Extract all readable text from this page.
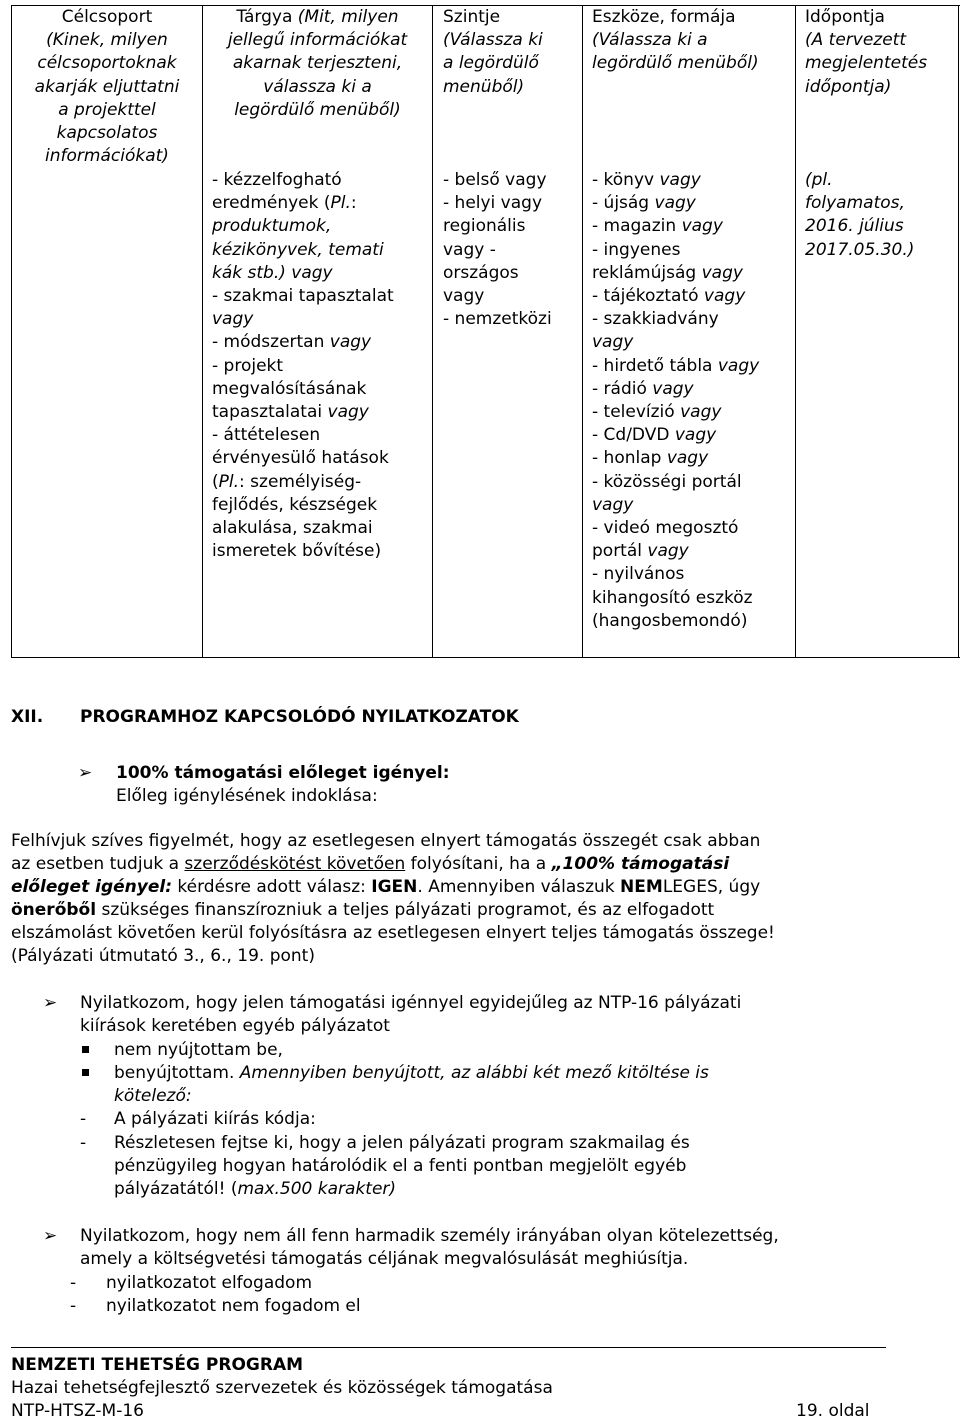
Célcsoport
(Kinek, milyen
célcsoportoknak
akarják eljuttatni
a projekttel
kapcsolatos
információkat)
Tárgya (Mit, milyen
jellegű információkat
akarnak terjeszteni,
válassza ki a
legördülő menüből)
Szintje
(Válassza ki
a legördülő
menüből)
Eszköze, formája
(Válassza ki a
legördülő menüből)
Időpontja
(A tervezett
megjelentetés
időpontja)
- kézzelfogható
eredmények (Pl.:
produktumok,
kézikönyvek, temati
kák stb.) vagy
- szakmai tapasztalat
vagy
- módszertan vagy
- projekt
megvalósításának
tapasztalatai vagy
- áttételesen
érvényesülő hatások
(Pl.: személyiség-
fejlődés, készségek
alakulása, szakmai
ismeretek bővítése)
- belső vagy
- helyi vagy
regionális
vagy -
országos
vagy
- nemzetközi
- könyv vagy
- újság vagy
- magazin vagy
- ingyenes
reklámújság vagy
- tájékoztató vagy
- szakkiadvány
vagy
- hirdető tábla vagy
- rádió vagy
- televízió vagy
- Cd/DVD vagy
- honlap vagy
- közösségi portál
vagy
- videó megosztó
portál vagy
- nyilvános
kihangosító eszköz
(hangosbemondó)
(pl.
folyamatos,
2016. július
2017.05.30.)
XII. PROGRAMHOZ KAPCSOLÓDÓ NYILATKOZATOK
➢ 100% támogatási előleget igényel:
Előleg igénylésének indoklása:
Felhívjuk szíves figyelmét, hogy az esetlegesen elnyert támogatás összegét csak abban
az esetben tudjuk a szerződéskötést követően folyósítani, ha a „100% támogatási
előleget igényel: kérdésre adott válasz: IGEN. Amennyiben válaszuk NEMLEGES, úgy
önerőből szükséges finanszírozniuk a teljes pályázati programot, és az elfogadott
elszámolást követően kerül folyósításra az esetlegesen elnyert teljes támogatás összege!
(Pályázati útmutató 3., 6., 19. pont)
➢ Nyilatkozom, hogy jelen támogatási igénnyel egyidejűleg az NTP-16 pályázati
kiírások keretében egyéb pályázatot
nem nyújtottam be,
benyújtottam. Amennyiben benyújtott, az alábbi két mező kitöltése is
kötelező:
- A pályázati kiírás kódja:
- Részletesen fejtse ki, hogy a jelen pályázati program szakmailag és
pénzügyileg hogyan határolódik el a fenti pontban megjelölt egyéb
pályázatától! (max.500 karakter)
➢ Nyilatkozom, hogy nem áll fenn harmadik személy irányában olyan kötelezettség,
amely a költségvetési támogatás céljának megvalósulását meghiúsítja.
- nyilatkozatot elfogadom
- nyilatkozatot nem fogadom el
NEMZETI TEHETSÉG PROGRAM
Hazai tehetségfejlesztő szervezetek és közösségek támogatása
NTP-HTSZ-M-16	19. oldal
